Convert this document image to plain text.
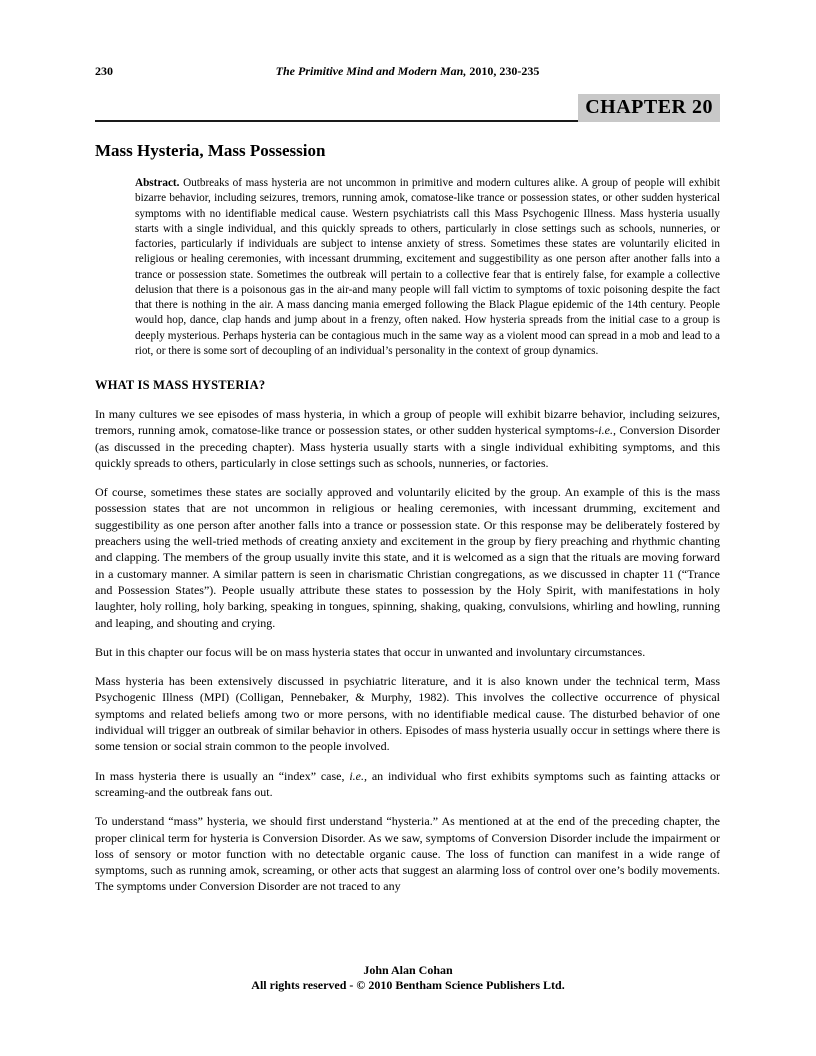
230	The Primitive Mind and Modern Man, 2010, 230-235
CHAPTER 20
Mass Hysteria, Mass Possession

Abstract. Outbreaks of mass hysteria are not uncommon in primitive and modern cultures alike. A group of people will exhibit bizarre behavior, including seizures, tremors, running amok, comatose-like trance or possession states, or other sudden hysterical symptoms with no identifiable medical cause. Western psychiatrists call this Mass Psychogenic Illness. Mass hysteria usually starts with a single individual, and this quickly spreads to others, particularly in close settings such as schools, nunneries, or factories, particularly if individuals are subject to intense anxiety of stress. Sometimes these states are voluntarily elicited in religious or healing ceremonies, with incessant drumming, excitement and suggestibility as one person after another falls into a trance or possession state. Sometimes the outbreak will pertain to a collective fear that is entirely false, for example a collective delusion that there is a poisonous gas in the air-and many people will fall victim to symptoms of toxic poisoning despite the fact that there is nothing in the air. A mass dancing mania emerged following the Black Plague epidemic of the 14th century. People would hop, dance, clap hands and jump about in a frenzy, often naked. How hysteria spreads from the initial case to a group is deeply mysterious. Perhaps hysteria can be contagious much in the same way as a violent mood can spread in a mob and lead to a riot, or there is some sort of decoupling of an individual’s personality in the context of group dynamics.

WHAT IS MASS HYSTERIA?

In many cultures we see episodes of mass hysteria, in which a group of people will exhibit bizarre behavior, including seizures, tremors, running amok, comatose-like trance or possession states, or other sudden hysterical symptoms-i.e., Conversion Disorder (as discussed in the preceding chapter). Mass hysteria usually starts with a single individual exhibiting symptoms, and this quickly spreads to others, particularly in close settings such as schools, nunneries, or factories.

Of course, sometimes these states are socially approved and voluntarily elicited by the group. An example of this is the mass possession states that are not uncommon in religious or healing ceremonies, with incessant drumming, excitement and suggestibility as one person after another falls into a trance or possession state. Or this response may be deliberately fostered by preachers using the well-tried methods of creating anxiety and excitement in the group by fiery preaching and rhythmic chanting and clapping. The members of the group usually invite this state, and it is welcomed as a sign that the rituals are moving forward in a customary manner. A similar pattern is seen in charismatic Christian congregations, as we discussed in chapter 11 (“Trance and Possession States”). People usually attribute these states to possession by the Holy Spirit, with manifestations in holy laughter, holy rolling, holy barking, speaking in tongues, spinning, shaking, quaking, convulsions, whirling and howling, running and leaping, and shouting and crying.

But in this chapter our focus will be on mass hysteria states that occur in unwanted and involuntary circumstances.

Mass hysteria has been extensively discussed in psychiatric literature, and it is also known under the technical term, Mass Psychogenic Illness (MPI) (Colligan, Pennebaker, & Murphy, 1982). This involves the collective occurrence of physical symptoms and related beliefs among two or more persons, with no identifiable medical cause. The disturbed behavior of one individual will trigger an outbreak of similar behavior in others. Episodes of mass hysteria usually occur in settings where there is some tension or social strain common to the people involved.

In mass hysteria there is usually an “index” case, i.e., an individual who first exhibits symptoms such as fainting attacks or screaming-and the outbreak fans out.

To understand “mass” hysteria, we should first understand “hysteria.” As mentioned at at the end of the preceding chapter, the proper clinical term for hysteria is Conversion Disorder. As we saw, symptoms of Conversion Disorder include the impairment or loss of sensory or motor function with no detectable organic cause. The loss of function can manifest in a wide range of symptoms, such as running amok, screaming, or other acts that suggest an alarming loss of control over one’s bodily movements. The symptoms under Conversion Disorder are not traced to any

John Alan Cohan
All rights reserved - © 2010 Bentham Science Publishers Ltd.
